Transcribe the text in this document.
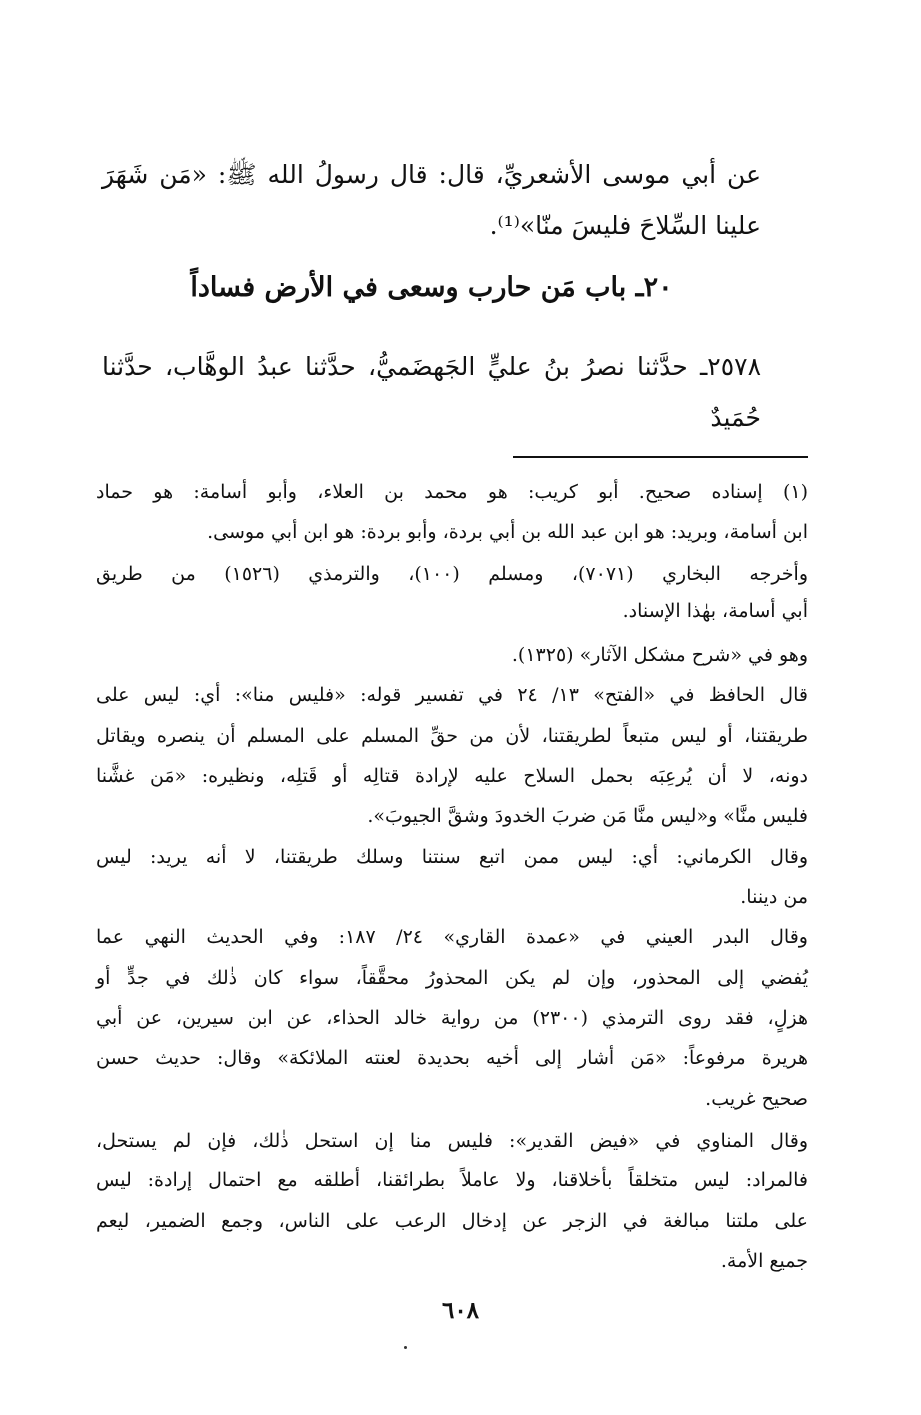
عن أبي موسى الأشعريِّ، قال: قال رسولُ الله ﷺ: «مَن شَهَرَ
علينا السِّلاحَ فليسَ منّا»⁽¹⁾.
٢٠ـ باب مَن حارب وسعى في الأرض فساداً
٢٥٧٨ـ حدَّثنا نصرُ بنُ عليٍّ الجَهضَميُّ، حدَّثنا عبدُ الوهَّاب، حدَّثنا
حُمَيدٌ
(١) إسناده صحيح. أبو كريب: هو محمد بن العلاء، وأبو أسامة: هو حماد
ابن أسامة، وبريد: هو ابن عبد الله بن أبي بردة، وأبو بردة: هو ابن أبي موسى.
وأخرجه البخاري (٧٠٧١)، ومسلم (١٠٠)، والترمذي (١٥٢٦) من طريق
أبي أسامة، بهٰذا الإسناد.
وهو في «شرح مشكل الآثار» (١٣٢٥).
قال الحافظ في «الفتح» ١٣/ ٢٤ في تفسير قوله: «فليس منا»: أي: ليس على
طريقتنا، أو ليس متبعاً لطريقتنا، لأن من حقِّ المسلم على المسلم أن ينصره ويقاتل
دونه، لا أن يُرعِبَه بحمل السلاح عليه لإرادة قتالِه أو قَتلِه، ونظيره: «مَن غشَّنا
فليس منَّا» و«ليس منَّا مَن ضربَ الخدودَ وشقَّ الجيوبَ».
وقال الكرماني: أي: ليس ممن اتبع سنتنا وسلك طريقتنا، لا أنه يريد: ليس
من ديننا.
وقال البدر العيني في «عمدة القاري» ٢٤/ ١٨٧: وفي الحديث النهي عما
يُفضي إلى المحذور، وإن لم يكن المحذورُ محقَّقاً، سواء كان ذٰلك في جدٍّ أو
هزلٍ، فقد روى الترمذي (٢٣٠٠) من رواية خالد الحذاء، عن ابن سيرين، عن أبي
هريرة مرفوعاً: «مَن أشار إلى أخيه بحديدة لعنته الملائكة» وقال: حديث حسن
صحيح غريب.
وقال المناوي في «فيض القدير»: فليس منا إن استحل ذٰلك، فإن لم يستحل،
فالمراد: ليس متخلقاً بأخلاقنا، ولا عاملاً بطرائقنا، أطلقه مع احتمال إرادة: ليس
على ملتنا مبالغة في الزجر عن إدخال الرعب على الناس، وجمع الضمير، ليعم
جميع الأمة.
٦٠٨
